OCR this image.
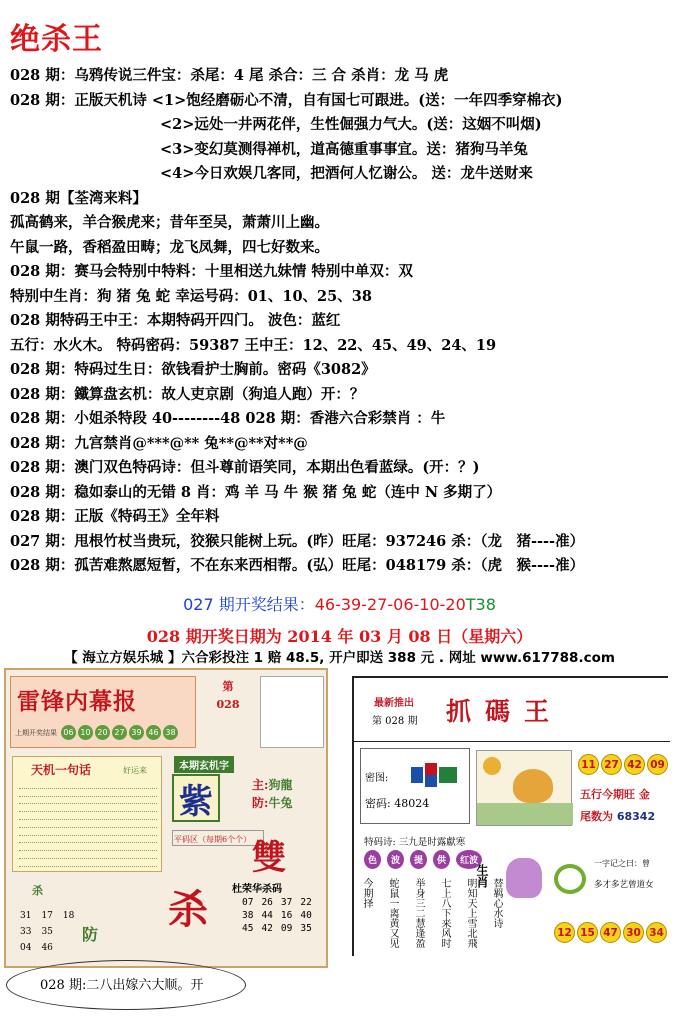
绝杀王
028 期：乌鸦传说三件宝：杀尾：4 尾 杀合：三 合 杀肖：龙 马 虎
028 期：正版天机诗 <1>饱经磨砺心不清，自有国七可跟进。(送：一年四季穿棉衣)
<2>远处一井两花伴，生性倔强力气大。(送：这姻不叫烟)
<3>变幻莫测得禅机，道高德重事事宜。送：猪狗马羊兔
<4>今日欢娱几客同，把酒何人忆谢公。 送：龙牛送财来
028 期【荃湾来料】
孤高鹤来，羊合猴虎来；昔年至吴，萧萧川上幽。
午鼠一路，香稻盈田畴；龙飞凤舞，四七好数来。
028 期：赛马会特别中特料：十里相送九妹情 特别中单双：双
特别中生肖：狗 猪 兔 蛇 幸运号码：01、10、25、38
028 期特码王中王：本期特码开四门。 波色：蓝红
五行：水火木。 特码密码：59387 王中王：12、22、45、49、24、19
028 期：特码过生日：欲钱看护士胸前。密码《3082》
028 期：鐵算盘玄机：故人吏京剧（狗追人跑）开：？
028 期：小姐杀特段 40--------48 028 期：香港六合彩禁肖 ：牛
028 期：九宫禁肖@***@** 兔**@**对**@
028 期：澳门双色特码诗：但斗尊前语笑同，本期出色看蓝绿。(开：？)
028 期：稳如泰山的无错 8 肖：鸡 羊 马 牛 猴 猪 兔 蛇（连中 N 多期了）
028 期：正版《特码王》全年料
027 期：甩根竹杖当贵玩，狡猴只能树上玩。(昨）旺尾：937246 杀：（龙　猪----准）
028 期：孤苦难熬愿短暂，不在东来西相帮。(弘）旺尾：048179 杀：（虎　猴----准）
027 期开奖结果：46-39-27-06-10-20T38
028 期开奖日期为 2014 年 03 月 08 日（星期六）
【 海立方娱乐城 】六合彩投注 1 赔 48.5, 开户即送 388 元 . 网址 www.617788.com
雷锋内幕报
上期开奖结果 06 10 20 27 39 46 38
第
028
天机一句话	好运来	本期玄机字
紫	主:狗龍
防:牛兔
平码区（每期6个个） 雙
杀
31 17 18
33 35
04 46
防
杀 杜荣华杀码
07 26 37 22
38 44 16 40
45 42 09 35
最新推出
第 028 期 抓碼王
密图:
密码: 48024
特码诗: 三九是时露獻寒
11 27 42 09
五行今期旺 金
尾数为 68342
色	波	提	供	红波
生肖
今期择 蛇鼠一离黄又见 举身三二慧逢盈 七上八下来风时 明知天上雪北飛 替羁心水诗
一字记之曰：曾
多才多艺曾道女
12 15 47 30 34
028 期:二八出嫁六大顺。开
